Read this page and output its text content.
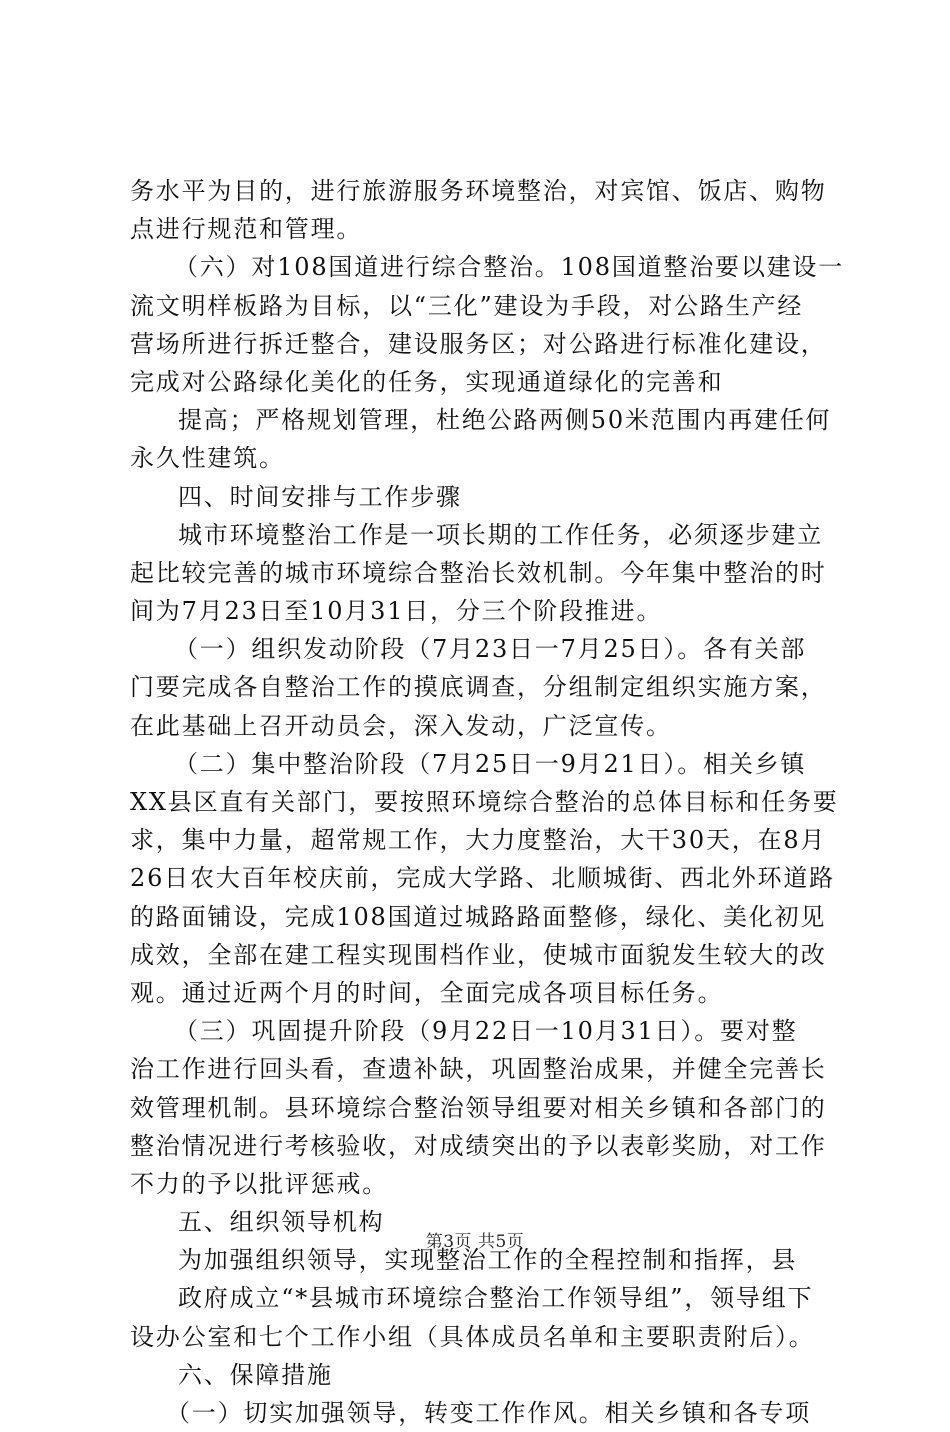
务水平为目的，进行旅游服务环境整治，对宾馆、饭店、购物
点进行规范和管理。
（六）对108国道进行综合整治。108国道整治要以建设一
流文明样板路为目标，以“三化”建设为手段，对公路生产经
营场所进行拆迁整合，建设服务区；对公路进行标准化建设，
完成对公路绿化美化的任务，实现通道绿化的完善和
提高；严格规划管理，杜绝公路两侧50米范围内再建任何
永久性建筑。
四、时间安排与工作步骤
城市环境整治工作是一项长期的工作任务，必须逐步建立
起比较完善的城市环境综合整治长效机制。今年集中整治的时
间为7月23日至10月31日，分三个阶段推进。
（一）组织发动阶段（7月23日一7月25日）。各有关部
门要完成各自整治工作的摸底调查，分组制定组织实施方案，
在此基础上召开动员会，深入发动，广泛宣传。
（二）集中整治阶段（7月25日一9月21日）。相关乡镇
XX县区直有关部门，要按照环境综合整治的总体目标和任务要
求，集中力量，超常规工作，大力度整治，大干30天，在8月
26日农大百年校庆前，完成大学路、北顺城街、西北外环道路
的路面铺设，完成108国道过城路路面整修，绿化、美化初见
成效，全部在建工程实现围档作业，使城市面貌发生较大的改
观。通过近两个月的时间，全面完成各项目标任务。
（三）巩固提升阶段（9月22日一10月31日）。要对整
治工作进行回头看，查遗补缺，巩固整治成果，并健全完善长
效管理机制。县环境综合整治领导组要对相关乡镇和各部门的
整治情况进行考核验收，对成绩突出的予以表彰奖励，对工作
不力的予以批评惩戒。
五、组织领导机构
为加强组织领导，实现整治工作的全程控制和指挥，县
政府成立“*县城市环境综合整治工作领导组”，领导组下
设办公室和七个工作小组（具体成员名单和主要职责附后）。
六、保障措施
（一）切实加强领导，转变工作作风。相关乡镇和各专项
第3页 共5页
